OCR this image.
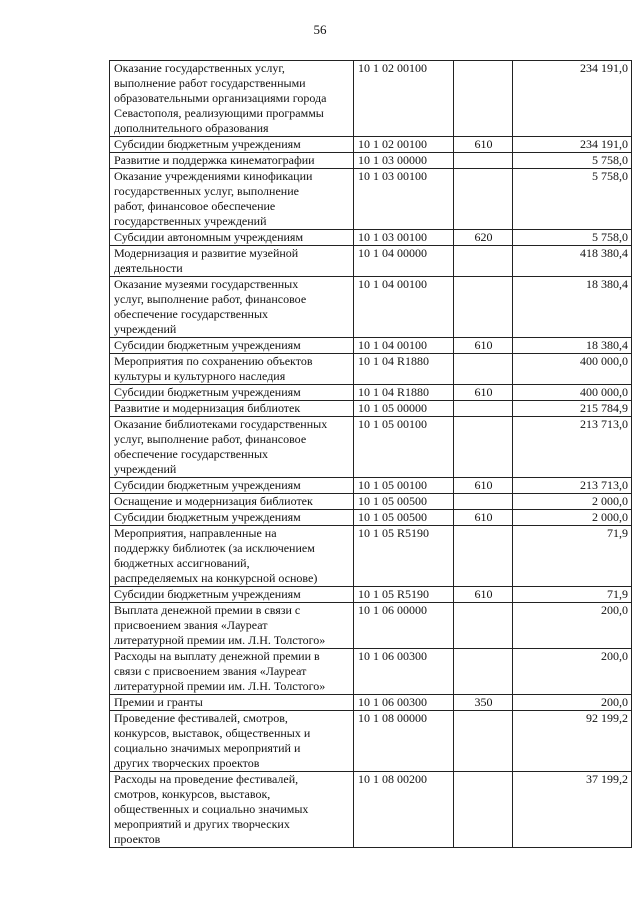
56
Оказание государственных услуг,
выполнение работ государственными
образовательными организациями города
Севастополя, реализующими программы
дополнительного образования	10 1 02 00100		234 191,0
Субсидии бюджетным учреждениям	10 1 02 00100	610	234 191,0
Развитие и поддержка кинематографии	10 1 03 00000		5 758,0
Оказание учреждениями кинофикации
государственных услуг, выполнение
работ, финансовое обеспечение
государственных учреждений	10 1 03 00100		5 758,0
Субсидии автономным учреждениям	10 1 03 00100	620	5 758,0
Модернизация и развитие музейной
деятельности	10 1 04 00000		418 380,4
Оказание музеями государственных
услуг, выполнение работ, финансовое
обеспечение государственных
учреждений	10 1 04 00100		18 380,4
Субсидии бюджетным учреждениям	10 1 04 00100	610	18 380,4
Мероприятия по сохранению объектов
культуры и культурного наследия	10 1 04 R1880		400 000,0
Субсидии бюджетным учреждениям	10 1 04 R1880	610	400 000,0
Развитие и модернизация библиотек	10 1 05 00000		215 784,9
Оказание библиотеками государственных
услуг, выполнение работ, финансовое
обеспечение государственных
учреждений	10 1 05 00100		213 713,0
Субсидии бюджетным учреждениям	10 1 05 00100	610	213 713,0
Оснащение и модернизация библиотек	10 1 05 00500		2 000,0
Субсидии бюджетным учреждениям	10 1 05 00500	610	2 000,0
Мероприятия, направленные на
поддержку библиотек (за исключением
бюджетных ассигнований,
распределяемых на конкурсной основе)	10 1 05 R5190		71,9
Субсидии бюджетным учреждениям	10 1 05 R5190	610	71,9
Выплата денежной премии в связи с
присвоением звания «Лауреат
литературной премии им. Л.Н. Толстого»	10 1 06 00000		200,0
Расходы на выплату денежной премии в
связи с присвоением звания «Лауреат
литературной премии им. Л.Н. Толстого»	10 1 06 00300		200,0
Премии и гранты	10 1 06 00300	350	200,0
Проведение фестивалей, смотров,
конкурсов, выставок, общественных и
социально значимых мероприятий и
других творческих проектов	10 1 08 00000		92 199,2
Расходы на проведение фестивалей,
смотров, конкурсов, выставок,
общественных и социально значимых
мероприятий и других творческих
проектов	10 1 08 00200		37 199,2
